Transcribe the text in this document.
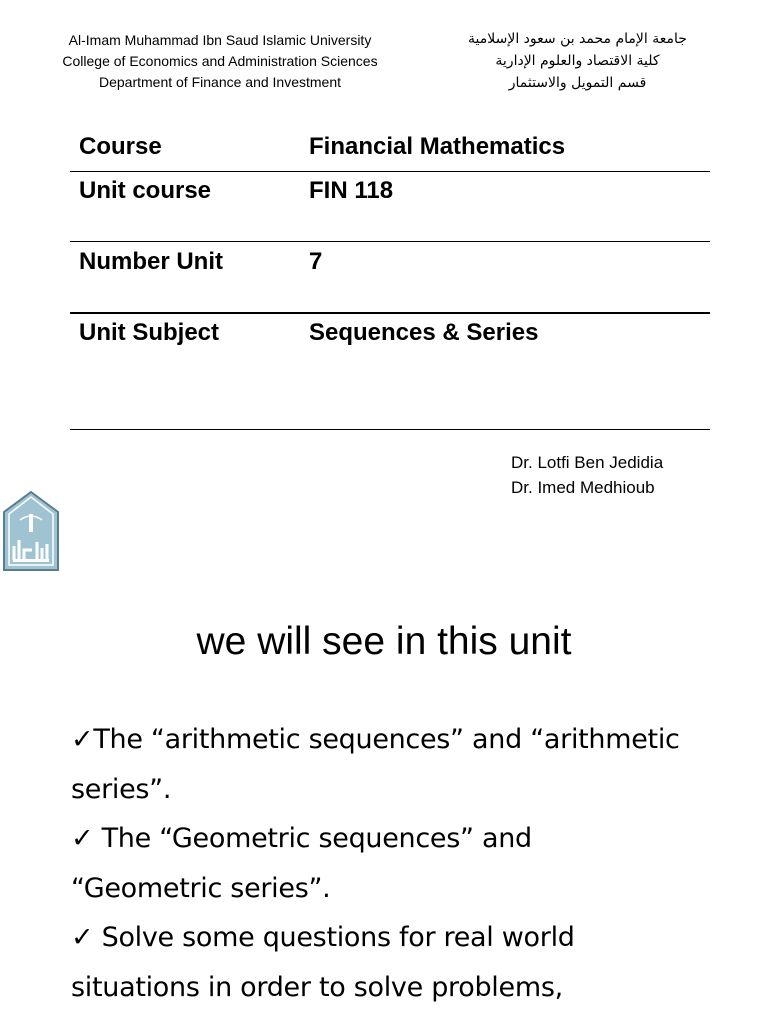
Al-Imam Muhammad Ibn Saud Islamic University
College of Economics and Administration Sciences
Department of Finance and Investment
جامعة الإمام محمد بن سعود الإسلامية
كلية الاقتصاد والعلوم الإدارية
قسم التمويل والاستثمار
Course	Financial Mathematics
Unit course	FIN 118
Number Unit	7
Unit Subject	Sequences & Series
Dr. Lotfi Ben Jedidia
Dr. Imed Medhioub
we will see in this unit
✓The “arithmetic sequences” and “arithmetic
series”.
✓ The “Geometric sequences” and
“Geometric series”.
✓ Solve some questions for real world
situations in order to solve problems,
